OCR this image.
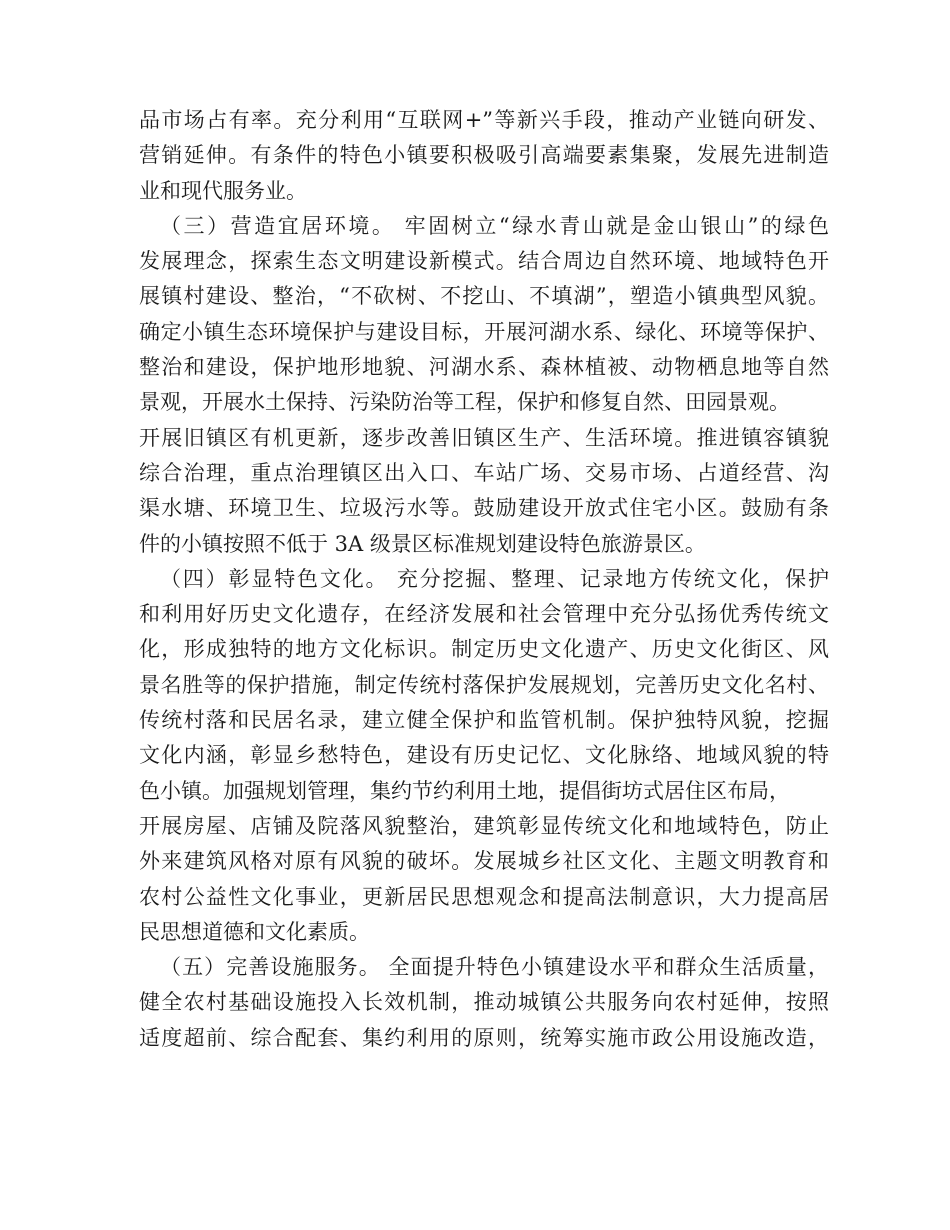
品市场占有率。充分利用“互联网+”等新兴手段，推动产业链向研发、
营销延伸。有条件的特色小镇要积极吸引高端要素集聚，发展先进制造
业和现代服务业。
（三）营造宜居环境。 牢固树立“绿水青山就是金山银山”的绿色
发展理念，探索生态文明建设新模式。结合周边自然环境、地域特色开
展镇村建设、整治，“不砍树、不挖山、不填湖”，塑造小镇典型风貌。
确定小镇生态环境保护与建设目标，开展河湖水系、绿化、环境等保护、
整治和建设，保护地形地貌、河湖水系、森林植被、动物栖息地等自然
景观，开展水土保持、污染防治等工程，保护和修复自然、田园景观。
开展旧镇区有机更新，逐步改善旧镇区生产、生活环境。推进镇容镇貌
综合治理，重点治理镇区出入口、车站广场、交易市场、占道经营、沟
渠水塘、环境卫生、垃圾污水等。鼓励建设开放式住宅小区。鼓励有条
件的小镇按照不低于 3A 级景区标准规划建设特色旅游景区。
（四）彰显特色文化。 充分挖掘、整理、记录地方传统文化，保护
和利用好历史文化遗存，在经济发展和社会管理中充分弘扬优秀传统文
化，形成独特的地方文化标识。制定历史文化遗产、历史文化街区、风
景名胜等的保护措施，制定传统村落保护发展规划，完善历史文化名村、
传统村落和民居名录，建立健全保护和监管机制。保护独特风貌，挖掘
文化内涵，彰显乡愁特色，建设有历史记忆、文化脉络、地域风貌的特
色小镇。加强规划管理，集约节约利用土地，提倡街坊式居住区布局，
开展房屋、店铺及院落风貌整治，建筑彰显传统文化和地域特色，防止
外来建筑风格对原有风貌的破坏。发展城乡社区文化、主题文明教育和
农村公益性文化事业，更新居民思想观念和提高法制意识，大力提高居
民思想道德和文化素质。
（五）完善设施服务。 全面提升特色小镇建设水平和群众生活质量，
健全农村基础设施投入长效机制，推动城镇公共服务向农村延伸，按照
适度超前、综合配套、集约利用的原则，统筹实施市政公用设施改造，
